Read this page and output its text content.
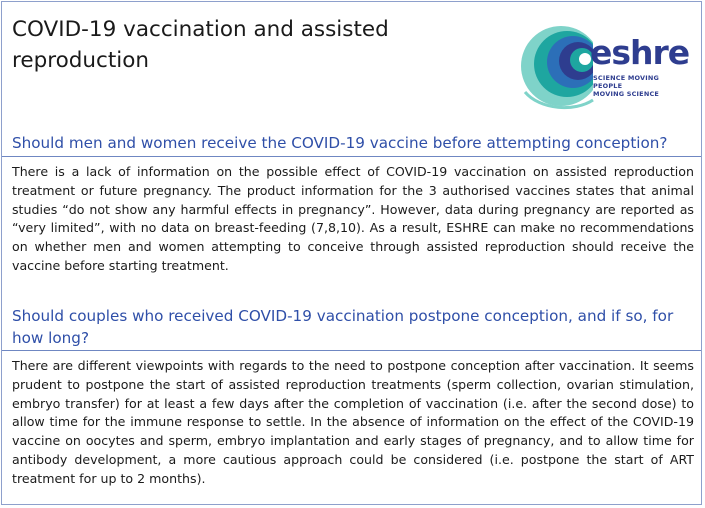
COVID-19 vaccination and assisted reproduction	eshre
SCIENCE MOVING
PEOPLE
MOVING SCIENCE
Should men and women receive the COVID-19 vaccine before attempting conception?

There is a lack of information on the possible effect of COVID-19 vaccination on assisted reproduction treatment or future pregnancy. The product information for the 3 authorised vaccines states that animal studies “do not show any harmful effects in pregnancy”. However, data during pregnancy are reported as “very limited”, with no data on breast-feeding (7,8,10). As a result, ESHRE can make no recommendations on whether men and women attempting to conceive through assisted reproduction should receive the vaccine before starting treatment.

Should couples who received COVID-19 vaccination postpone conception, and if so, for how long?

There are different viewpoints with regards to the need to postpone conception after vaccination. It seems prudent to postpone the start of assisted reproduction treatments (sperm collection, ovarian stimulation, embryo transfer) for at least a few days after the completion of vaccination (i.e. after the second dose) to allow time for the immune response to settle. In the absence of information on the effect of the COVID-19 vaccine on oocytes and sperm, embryo implantation and early stages of pregnancy, and to allow time for antibody development, a more cautious approach could be considered (i.e. postpone the start of ART treatment for up to 2 months).
